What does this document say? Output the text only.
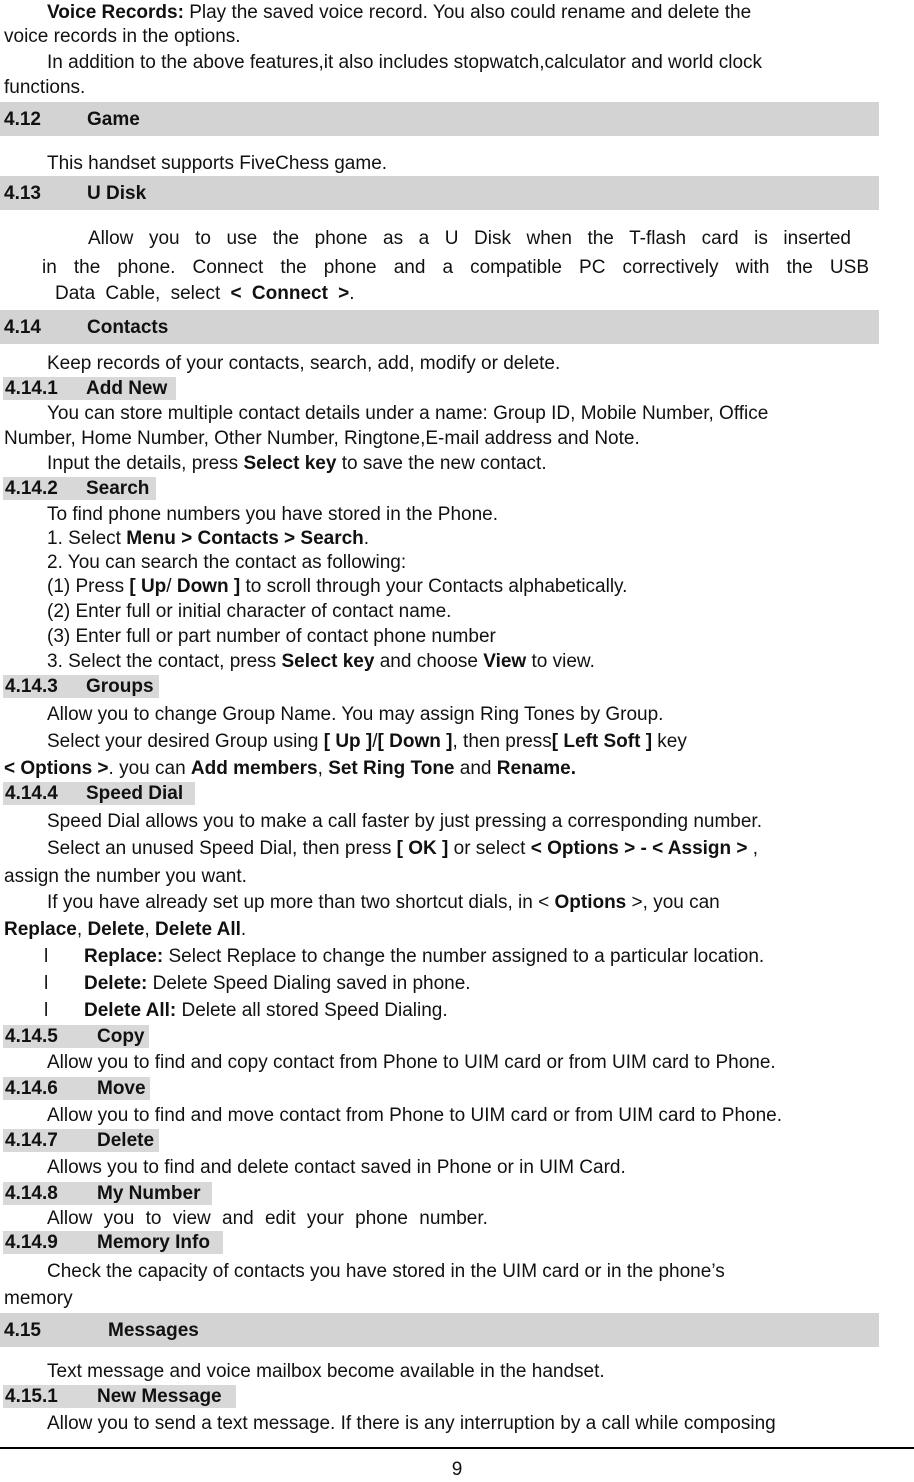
Voice Records: Play the saved voice record. You also could rename and delete the
voice records in the options.
In addition to the above features,it also includes stopwatch,calculator and world clock
functions.
4.12 Game
This handset supports FiveChess game.
4.13 U Disk
Allow you to use the phone as a U Disk when the T-flash card is inserted
in the phone. Connect the phone and a compatible PC correctively with the USB
Data Cable, select < Connect >.
4.14 Contacts
Keep records of your contacts, search, add, modify or delete.
4.14.1 Add New
You can store multiple contact details under a name: Group ID, Mobile Number, Office
Number, Home Number, Other Number, Ringtone,E-mail address and Note.
Input the details, press Select key to save the new contact.
4.14.2 Search
To find phone numbers you have stored in the Phone.
1. Select Menu > Contacts > Search.
2. You can search the contact as following:
(1) Press [ Up/ Down ] to scroll through your Contacts alphabetically.
(2) Enter full or initial character of contact name.
(3) Enter full or part number of contact phone number
3. Select the contact, press Select key and choose View to view.
4.14.3 Groups
Allow you to change Group Name. You may assign Ring Tones by Group.
Select your desired Group using [ Up ]/[ Down ], then press[ Left Soft ] key
< Options >. you can Add members, Set Ring Tone and Rename.
4.14.4 Speed Dial
Speed Dial allows you to make a call faster by just pressing a corresponding number.
Select an unused Speed Dial, then press [ OK ] or select < Options > - < Assign > ,
assign the number you want.
If you have already set up more than two shortcut dials, in < Options >, you can
Replace, Delete, Delete All.
l Replace: Select Replace to change the number assigned to a particular location.
l Delete: Delete Speed Dialing saved in phone.
l Delete All: Delete all stored Speed Dialing.
4.14.5 Copy
Allow you to find and copy contact from Phone to UIM card or from UIM card to Phone.
4.14.6 Move
Allow you to find and move contact from Phone to UIM card or from UIM card to Phone.
4.14.7 Delete
Allows you to find and delete contact saved in Phone or in UIM Card.
4.14.8 My Number
Allow you to view and edit your phone number.
4.14.9 Memory Info
Check the capacity of contacts you have stored in the UIM card or in the phone’s
memory
4.15	Messages
Text message and voice mailbox become available in the handset.
4.15.1 New Message
Allow you to send a text message. If there is any interruption by a call while composing
9
